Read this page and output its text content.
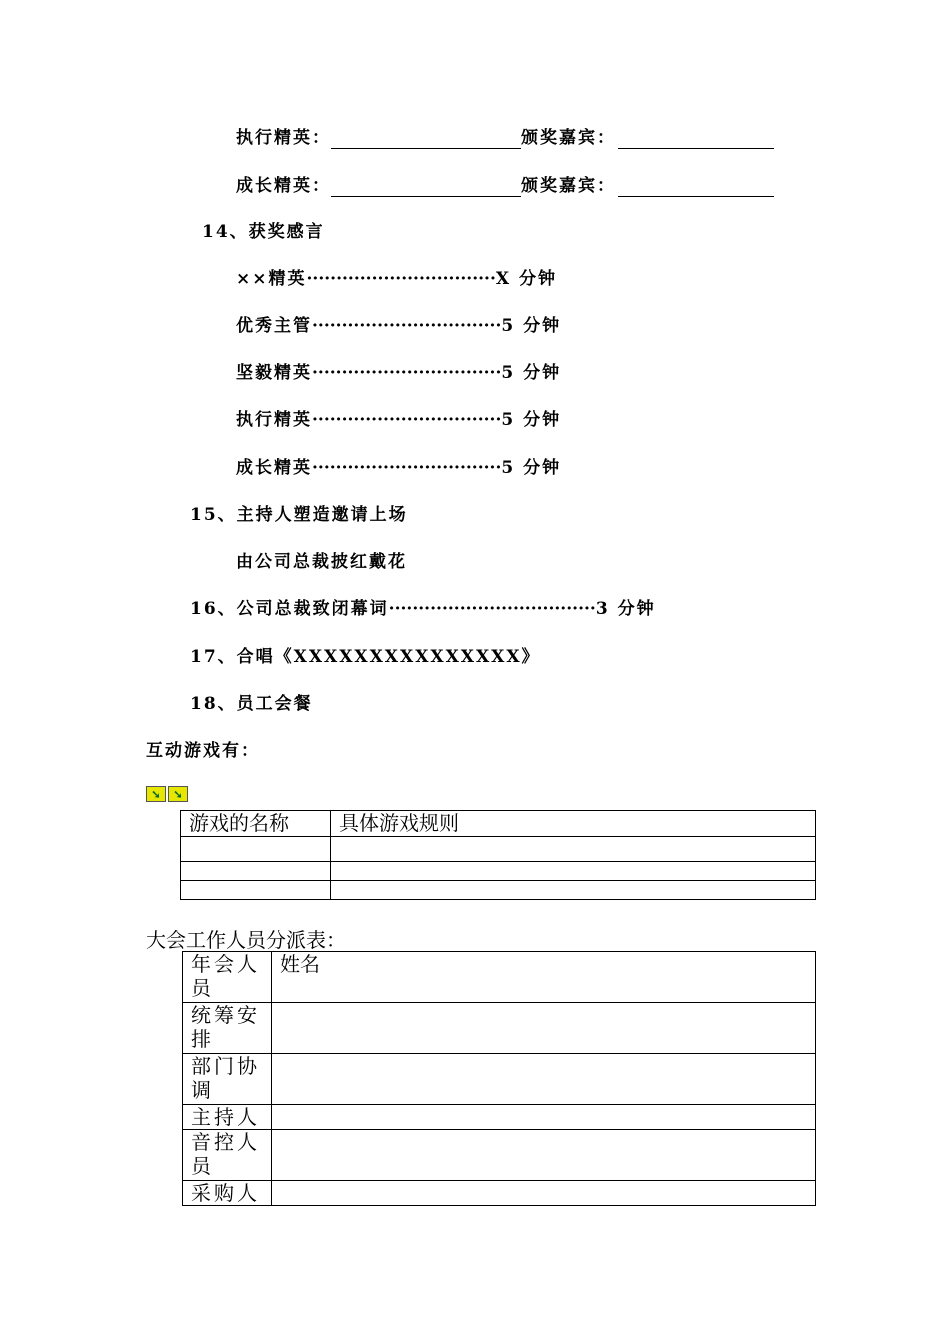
执行精英：	颁奖嘉宾：
成长精英：	颁奖嘉宾：
14、获奖感言
××精英································X 分钟
优秀主管································5 分钟
坚毅精英································5 分钟
执行精英································5 分钟
成长精英································5 分钟
15、主持人塑造邀请上场
由公司总裁披红戴花
16、公司总裁致闭幕词···································3 分钟
17、合唱《XXXXXXXXXXXXXXX》
18、员工会餐
互动游戏有：
➘	➘
游戏的名称	具体游戏规则

大会工作人员分派表：
年会人员	姓名
统筹安排	
部门协调	
主持人	
音控人员	
采购人	
